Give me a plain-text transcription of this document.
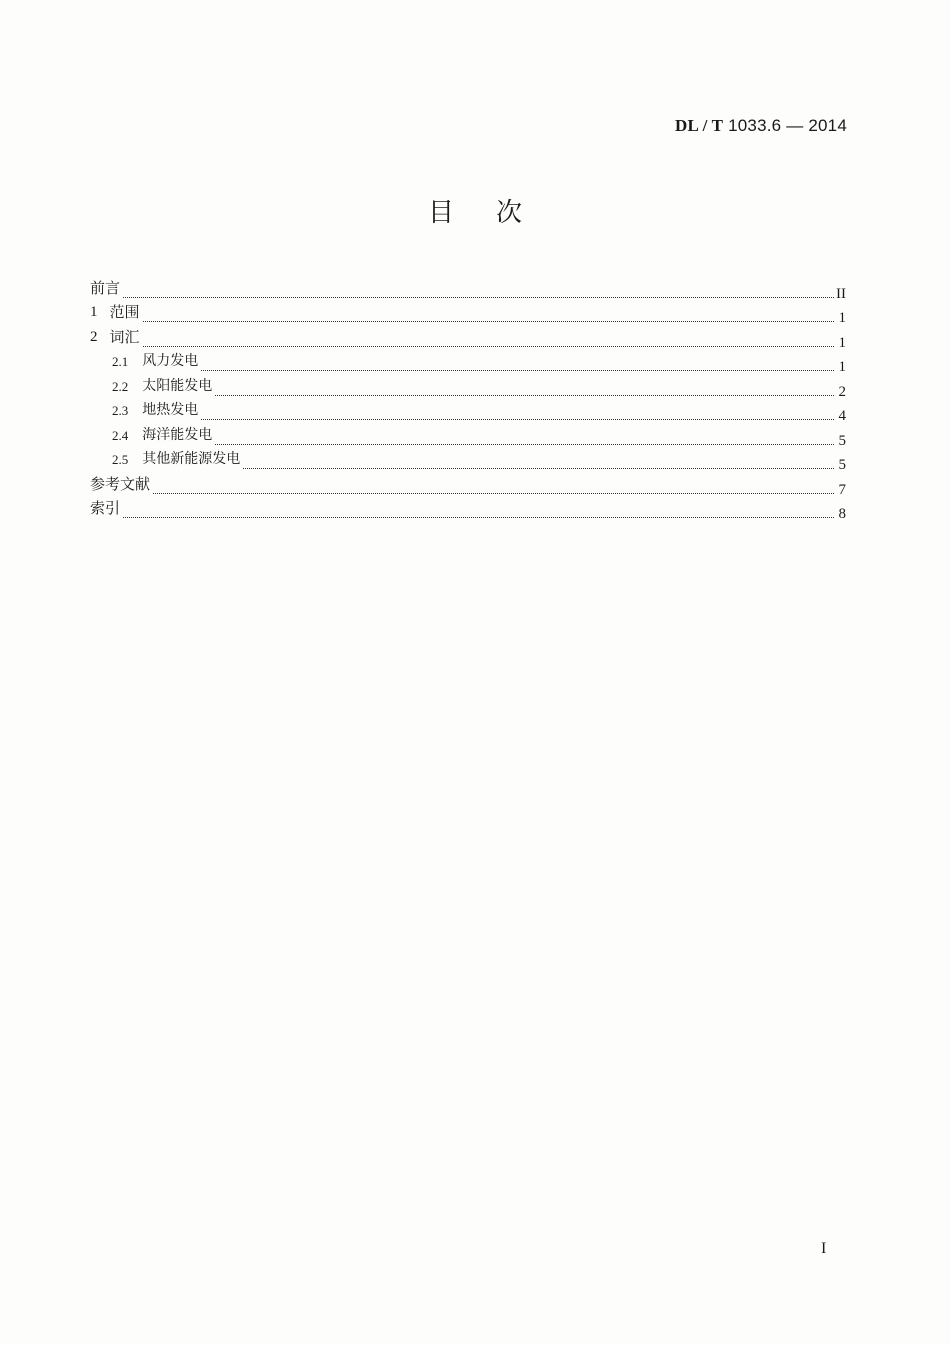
DL / T 1033.6 — 2014
目次
前言	II
1 范围	1
2 词汇	1
2.1 风力发电	1
2.2 太阳能发电	2
2.3 地热发电	4
2.4 海洋能发电	5
2.5 其他新能源发电	5
参考文献	7
索引	8
I
